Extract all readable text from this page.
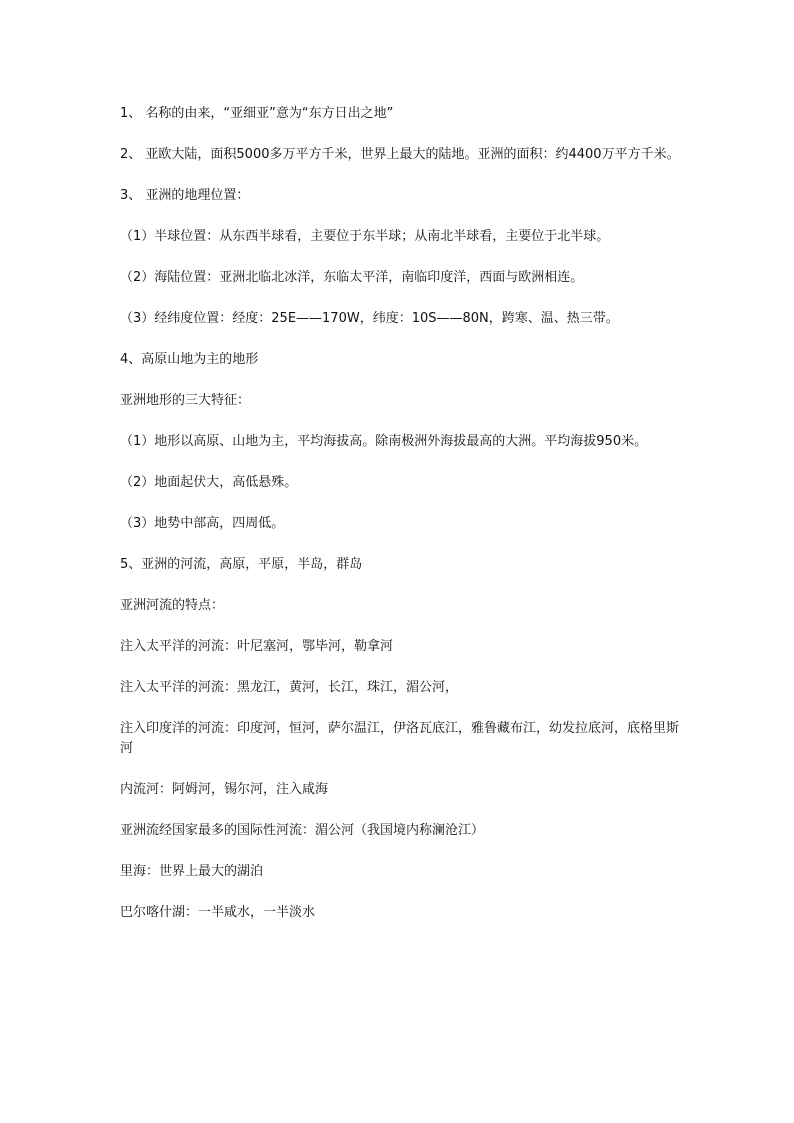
1、 名称的由来，“亚细亚”意为“东方日出之地”

2、 亚欧大陆，面积5000多万平方千米，世界上最大的陆地。亚洲的面积：约4400万平方千米。

3、 亚洲的地理位置：

（1）半球位置：从东西半球看，主要位于东半球；从南北半球看，主要位于北半球。

（2）海陆位置：亚洲北临北冰洋，东临太平洋，南临印度洋，西面与欧洲相连。

（3）经纬度位置：经度：25E——170W，纬度：10S——80N，跨寒、温、热三带。

4、高原山地为主的地形

亚洲地形的三大特征：

（1）地形以高原、山地为主，平均海拔高。除南极洲外海拔最高的大洲。平均海拔950米。

（2）地面起伏大，高低悬殊。

（3）地势中部高，四周低。

5、亚洲的河流，高原，平原，半岛，群岛

亚洲河流的特点：

注入太平洋的河流：叶尼塞河，鄂毕河，勒拿河

注入太平洋的河流：黑龙江，黄河，长江，珠江，湄公河，

注入印度洋的河流：印度河，恒河，萨尔温江，伊洛瓦底江，雅鲁藏布江，幼发拉底河，底格里斯河

内流河：阿姆河，锡尔河，注入咸海

亚洲流经国家最多的国际性河流：湄公河（我国境内称澜沧江）

里海：世界上最大的湖泊

巴尔喀什湖：一半咸水，一半淡水
